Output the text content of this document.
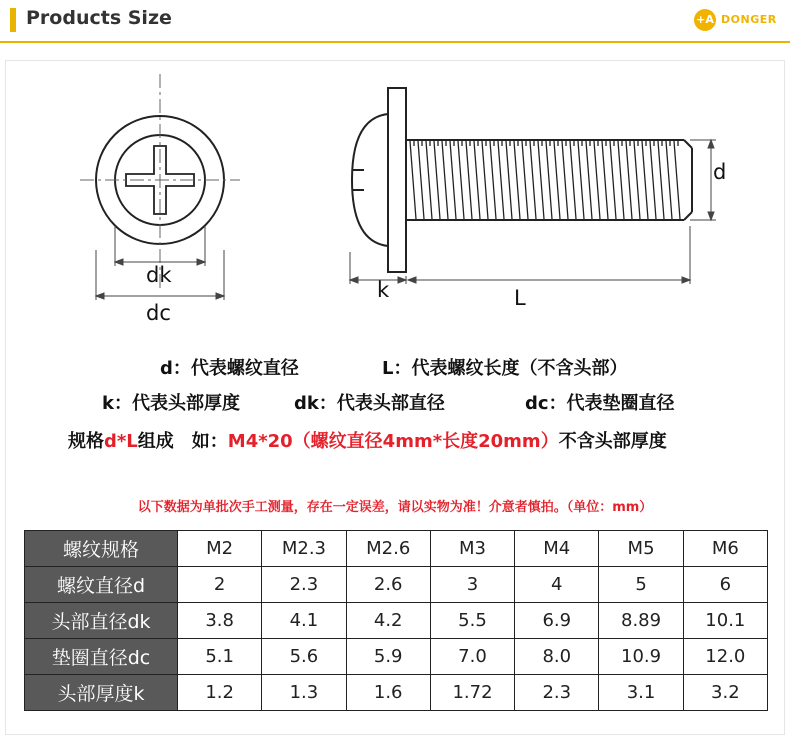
Products Size	+A DONGER
dk
dc
k	L
d
d：代表螺纹直径	L：代表螺纹长度（不含头部）
k：代表头部厚度	dk：代表头部直径	dc：代表垫圈直径
规格d*L组成　如：M4*20（螺纹直径4mm*长度20mm）不含头部厚度
以下数据为单批次手工测量，存在一定误差，请以实物为准！介意者慎拍。（单位：mm）
螺纹规格	M2	M2.3	M2.6	M3	M4	M5	M6
螺纹直径d	2	2.3	2.6	3	4	5	6
头部直径dk	3.8	4.1	4.2	5.5	6.9	8.89	10.1
垫圈直径dc	5.1	5.6	5.9	7.0	8.0	10.9	12.0
头部厚度k	1.2	1.3	1.6	1.72	2.3	3.1	3.2
